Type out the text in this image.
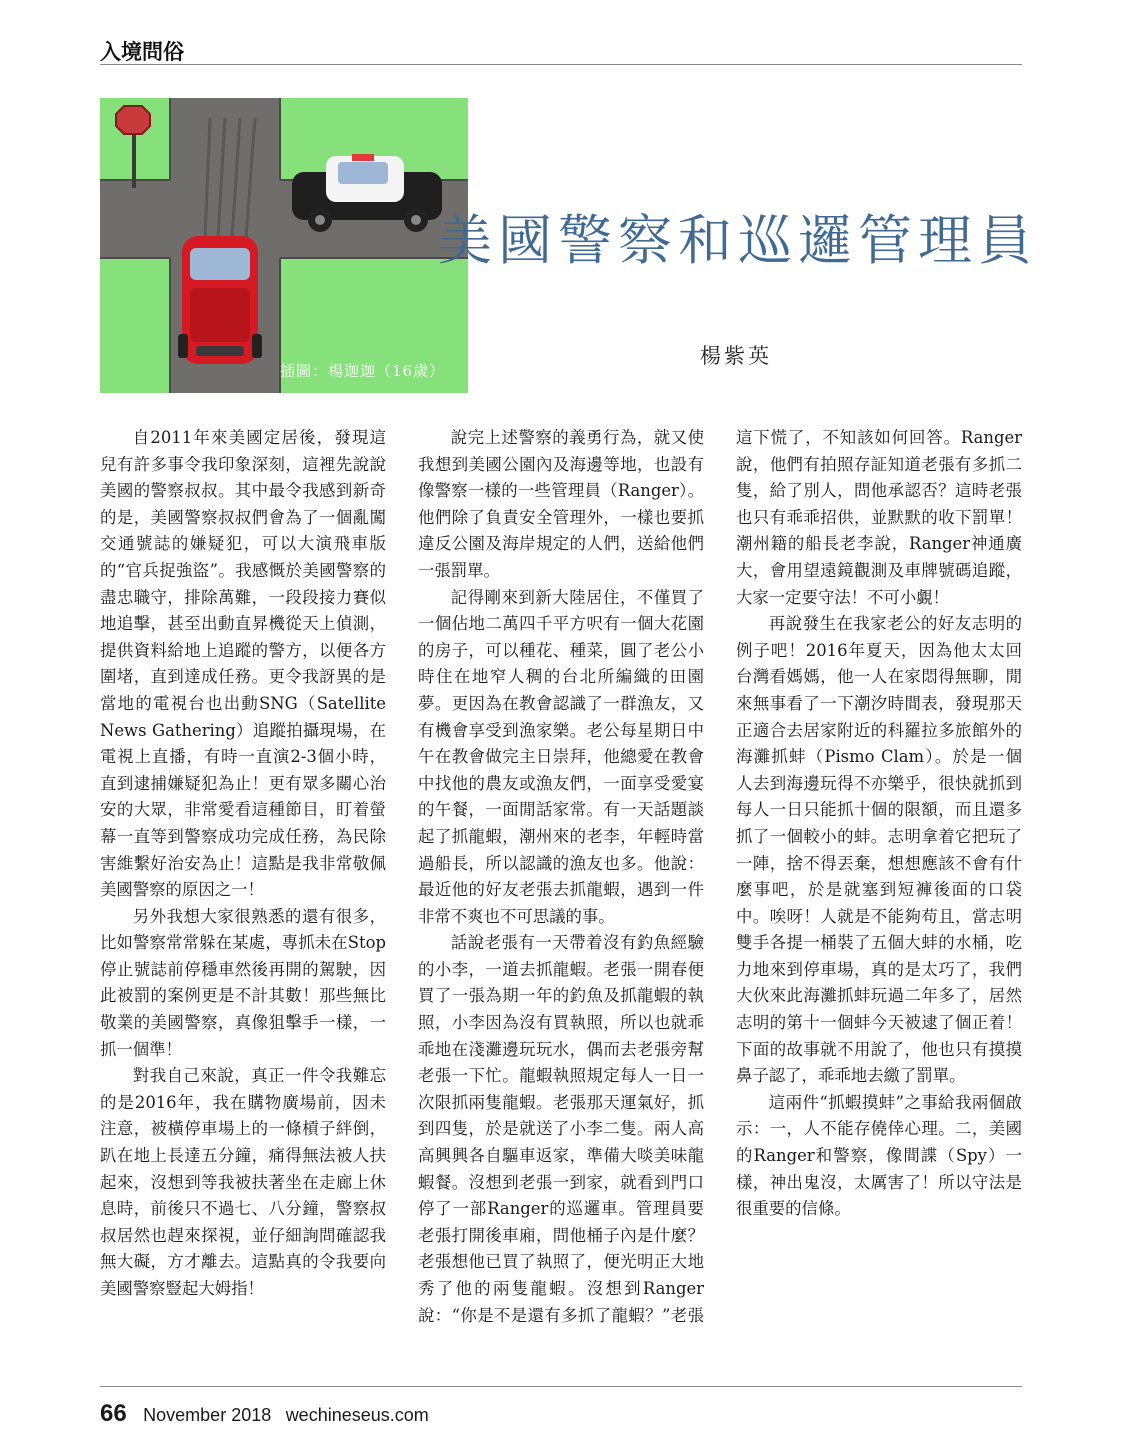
入境問俗
插圖：楊迦迦（16歲）
美國警察和巡邏管理員
楊紫英

自2011年來美國定居後，發現這兒有許多事令我印象深刻，這裡先說說美國的警察叔叔。其中最令我感到新奇的是，美國警察叔叔們會為了一個亂闖交通號誌的嫌疑犯，可以大演飛車版的“官兵捉強盜”。我感慨於美國警察的盡忠職守，排除萬難，一段段接力賽似地追擊，甚至出動直昇機從天上偵測，提供資料給地上追蹤的警方，以便各方圍堵，直到達成任務。更令我訝異的是當地的電視台也出動SNG（Satellite News Gathering）追蹤拍攝現場，在電視上直播，有時一直演2-3個小時，直到逮捕嫌疑犯為止！更有眾多關心治安的大眾，非常愛看這種節目，盯着螢幕一直等到警察成功完成任務，為民除害維繫好治安為止！這點是我非常敬佩美國警察的原因之一！

另外我想大家很熟悉的還有很多，比如警察常常躲在某處，專抓未在Stop停止號誌前停穩車然後再開的駕駛，因此被罰的案例更是不計其數！那些無比敬業的美國警察，真像狙擊手一樣，一抓一個準！

對我自己來說，真正一件令我難忘的是2016年，我在購物廣場前，因未注意，被橫停車場上的一條槓子絆倒，趴在地上長達五分鐘，痛得無法被人扶起來，沒想到等我被扶著坐在走廊上休息時，前後只不過七、八分鐘，警察叔叔居然也趕來探視，並仔細詢問確認我無大礙，方才離去。這點真的令我要向美國警察豎起大姆指！

說完上述警察的義勇行為，就又使我想到美國公園內及海邊等地，也設有像警察一樣的一些管理員（Ranger）。他們除了負責安全管理外，一樣也要抓違反公園及海岸規定的人們，送給他們一張罰單。

記得剛來到新大陸居住，不僅買了一個佔地二萬四千平方呎有一個大花園的房子，可以種花、種菜，圓了老公小時住在地窄人稠的台北所編織的田園夢。更因為在教會認識了一群漁友，又有機會享受到漁家樂。老公每星期日中午在教會做完主日崇拜，他總愛在教會中找他的農友或漁友們，一面享受愛宴的午餐，一面閒話家常。有一天話題談起了抓龍蝦，潮州來的老李，年輕時當過船長，所以認識的漁友也多。他說：最近他的好友老張去抓龍蝦，遇到一件非常不爽也不可思議的事。

話說老張有一天帶着沒有釣魚經驗的小李，一道去抓龍蝦。老張一開春便買了一張為期一年的釣魚及抓龍蝦的執照，小李因為沒有買執照，所以也就乖乖地在淺灘邊玩玩水，偶而去老張旁幫老張一下忙。龍蝦執照規定每人一日一次限抓兩隻龍蝦。老張那天運氣好，抓到四隻，於是就送了小李二隻。兩人高高興興各自驅車返家，準備大啖美味龍蝦餐。沒想到老張一到家，就看到門口停了一部Ranger的巡邏車。管理員要老張打開後車廂，問他桶子內是什麼？老張想他已買了執照了，便光明正大地秀了他的兩隻龍蝦。沒想到Ranger說：“你是不是還有多抓了龍蝦？”老張這下慌了，不知該如何回答。Ranger說，他們有拍照存証知道老張有多抓二隻，給了別人，問他承認否？這時老張也只有乖乖招供，並默默的收下罰單！潮州籍的船長老李說，Ranger神通廣大，會用望遠鏡觀測及車牌號碼追蹤，大家一定要守法！不可小覷！

再說發生在我家老公的好友志明的例子吧！2016年夏天，因為他太太回台灣看媽媽，他一人在家悶得無聊，閒來無事看了一下潮汐時間表，發現那天正適合去居家附近的科羅拉多旅館外的海灘抓蚌（Pismo Clam）。於是一個人去到海邊玩得不亦樂乎，很快就抓到每人一日只能抓十個的限額，而且還多抓了一個較小的蚌。志明拿着它把玩了一陣，捨不得丟棄，想想應該不會有什麼事吧，於是就塞到短褲後面的口袋中。唉呀！人就是不能夠苟且，當志明雙手各提一桶裝了五個大蚌的水桶，吃力地來到停車場，真的是太巧了，我們大伙來此海灘抓蚌玩過二年多了，居然志明的第十一個蚌今天被逮了個正着！下面的故事就不用說了，他也只有摸摸鼻子認了，乖乖地去繳了罰單。

這兩件“抓蝦摸蚌”之事給我兩個啟示：一，人不能存僥倖心理。二，美國的Ranger和警察，像間諜（Spy）一樣，神出鬼沒，太厲害了！所以守法是很重要的信條。

66 November 2018 wechineseus.com
